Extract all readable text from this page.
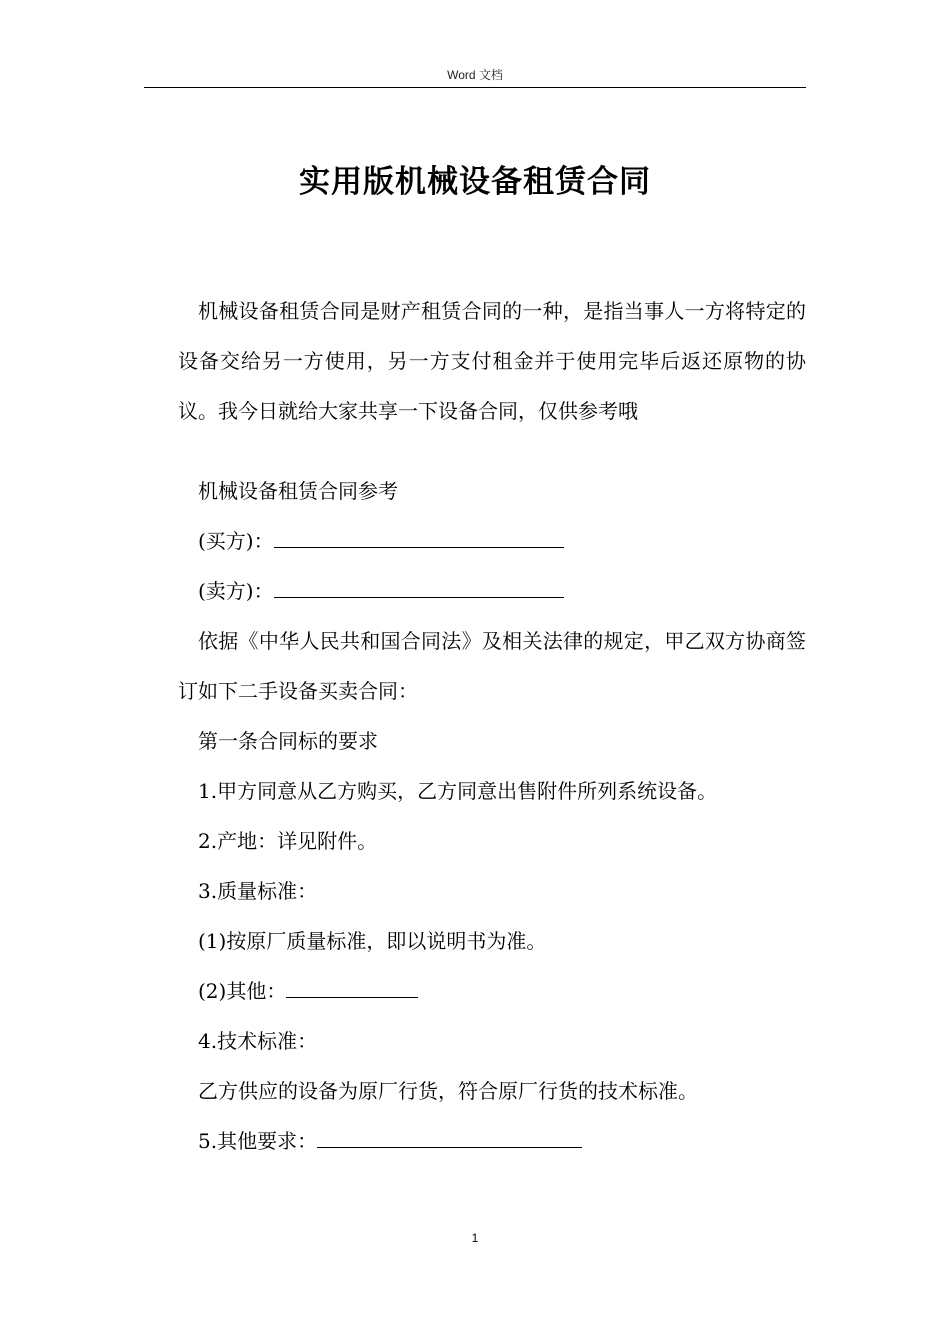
Word 文档
实用版机械设备租赁合同

机械设备租赁合同是财产租赁合同的一种，是指当事人一方将特定的设备交给另一方使用，另一方支付租金并于使用完毕后返还原物的协议。我今日就给大家共享一下设备合同，仅供参考哦

机械设备租赁合同参考

(买方)：

(卖方)：

依据《中华人民共和国合同法》及相关法律的规定，甲乙双方协商签订如下二手设备买卖合同：

第一条合同标的要求

1.甲方同意从乙方购买，乙方同意出售附件所列系统设备。

2.产地：详见附件。

3.质量标准：

(1)按原厂质量标准，即以说明书为准。

(2)其他：

4.技术标准：

乙方供应的设备为原厂行货，符合原厂行货的技术标准。

5.其他要求：

1
